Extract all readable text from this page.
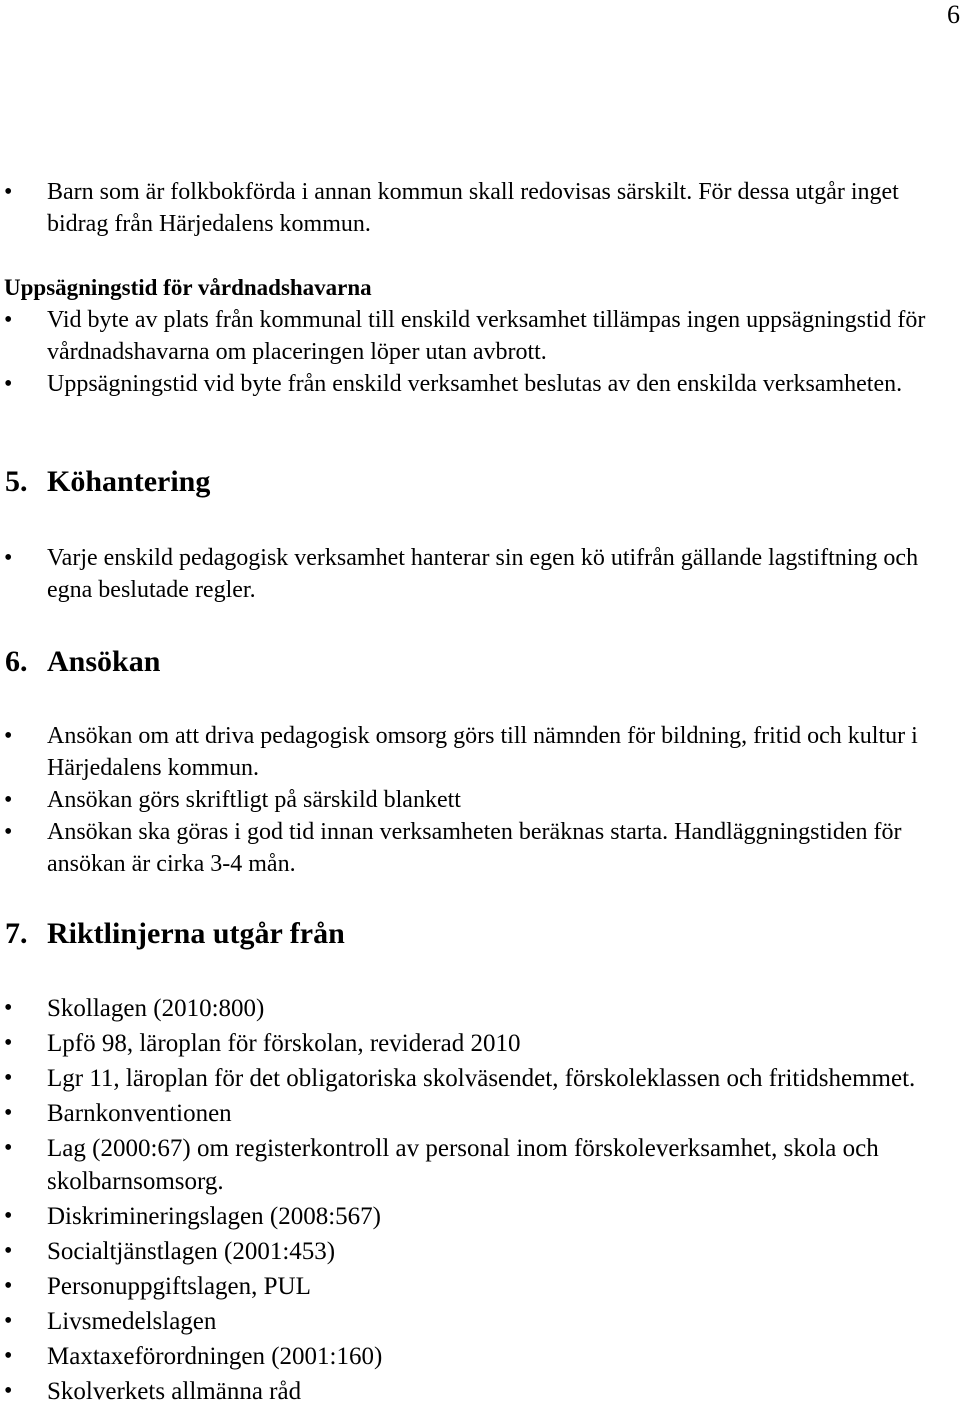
6
• Barn som är folkbokförda i annan kommun skall redovisas särskilt. För dessa utgår inget bidrag från Härjedalens kommun.

Uppsägningstid för vårdnadshavarna

• Vid byte av plats från kommunal till enskild verksamhet tillämpas ingen uppsägningstid för vårdnadshavarna om placeringen löper utan avbrott.
• Uppsägningstid vid byte från enskild verksamhet beslutas av den enskilda verksamheten.
5. Köhantering
• Varje enskild pedagogisk verksamhet hanterar sin egen kö utifrån gällande lagstiftning och egna beslutade regler.
6. Ansökan
• Ansökan om att driva pedagogisk omsorg görs till nämnden för bildning, fritid och kultur i Härjedalens kommun.
• Ansökan görs skriftligt på särskild blankett
• Ansökan ska göras i god tid innan verksamheten beräknas starta. Handläggningstiden för ansökan är cirka 3-4 mån.
7. Riktlinjerna utgår från
• Skollagen (2010:800)
• Lpfö 98, läroplan för förskolan, reviderad 2010
• Lgr 11, läroplan för det obligatoriska skolväsendet, förskoleklassen och fritidshemmet.
• Barnkonventionen
• Lag (2000:67) om registerkontroll av personal inom förskoleverksamhet, skola och skolbarnsomsorg.
• Diskrimineringslagen (2008:567)
• Socialtjänstlagen (2001:453)
• Personuppgiftslagen, PUL
• Livsmedelslagen
• Maxtaxeförordningen (2001:160)
• Skolverkets allmänna råd
